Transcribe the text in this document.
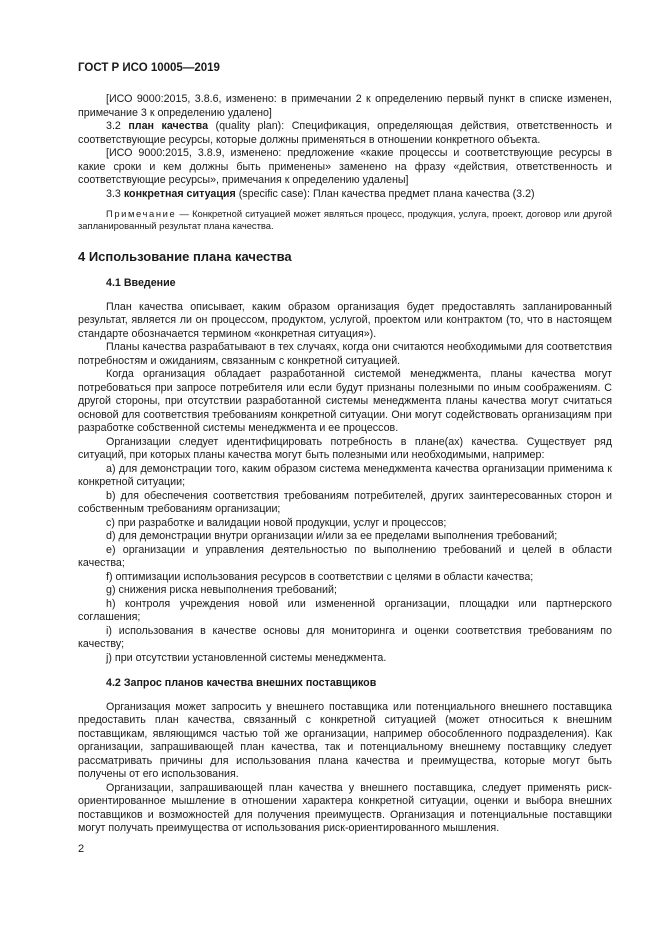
ГОСТ Р ИСО 10005—2019

[ИСО 9000:2015, 3.8.6, изменено: в примечании 2 к определению первый пункт в списке изменен, примечание 3 к определению удалено]

3.2 план качества (quality plan): Спецификация, определяющая действия, ответственность и соответствующие ресурсы, которые должны применяться в отношении конкретного объекта.

[ИСО 9000:2015, 3.8.9, изменено: предложение «какие процессы и соответствующие ресурсы в какие сроки и кем должны быть применены» заменено на фразу «действия, ответственность и соответствующие ресурсы», примечания к определению удалены]

3.3 конкретная ситуация (specific case): План качества предмет плана качества (3.2)

Примечание — Конкретной ситуацией может являться процесс, продукция, услуга, проект, договор или другой запланированный результат плана качества.

4 Использование плана качества

4.1 Введение

План качества описывает, каким образом организация будет предоставлять запланированный результат, является ли он процессом, продуктом, услугой, проектом или контрактом (то, что в настоящем стандарте обозначается термином «конкретная ситуация»).

Планы качества разрабатывают в тех случаях, когда они считаются необходимыми для соответствия потребностям и ожиданиям, связанным с конкретной ситуацией.

Когда организация обладает разработанной системой менеджмента, планы качества могут потребоваться при запросе потребителя или если будут признаны полезными по иным соображениям. С другой стороны, при отсутствии разработанной системы менеджмента планы качества могут считаться основой для соответствия требованиям конкретной ситуации. Они могут содействовать организациям при разработке собственной системы менеджмента и ее процессов.

Организации следует идентифицировать потребность в плане(ах) качества. Существует ряд ситуаций, при которых планы качества могут быть полезными или необходимыми, например:

a) для демонстрации того, каким образом система менеджмента качества организации применима к конкретной ситуации;

b) для обеспечения соответствия требованиям потребителей, других заинтересованных сторон и собственным требованиям организации;

c) при разработке и валидации новой продукции, услуг и процессов;

d) для демонстрации внутри организации и/или за ее пределами выполнения требований;

e) организации и управления деятельностью по выполнению требований и целей в области качества;

f) оптимизации использования ресурсов в соответствии с целями в области качества;

g) снижения риска невыполнения требований;

h) контроля учреждения новой или измененной организации, площадки или партнерского соглашения;

i) использования в качестве основы для мониторинга и оценки соответствия требованиям по качеству;

j) при отсутствии установленной системы менеджмента.

4.2 Запрос планов качества внешних поставщиков

Организация может запросить у внешнего поставщика или потенциального внешнего поставщика предоставить план качества, связанный с конкретной ситуацией (может относиться к внешним поставщикам, являющимся частью той же организации, например обособленного подразделения). Как организации, запрашивающей план качества, так и потенциальному внешнему поставщику следует рассматривать причины для использования плана качества и преимущества, которые могут быть получены от его использования.

Организации, запрашивающей план качества у внешнего поставщика, следует применять риск-ориентированное мышление в отношении характера конкретной ситуации, оценки и выбора внешних поставщиков и возможностей для получения преимуществ. Организация и потенциальные поставщики могут получать преимущества от использования риск-ориентированного мышления.

2
